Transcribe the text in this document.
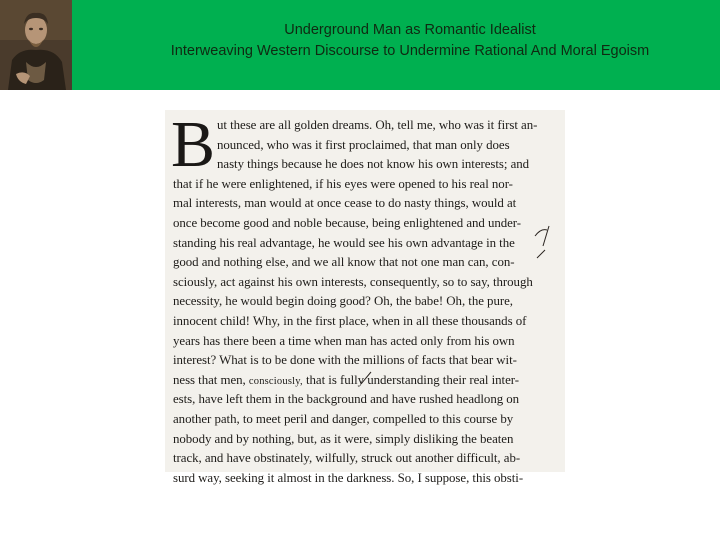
Underground Man as Romantic Idealist
Interweaving Western Discourse to Undermine Rational And Moral Egoism
B ut these are all golden dreams. Oh, tell me, who was it first an-
nounced, who was it first proclaimed, that man only does
nasty things because he does not know his own interests; and
that if he were enlightened, if his eyes were opened to his real nor-
mal interests, man would at once cease to do nasty things, would at
once become good and noble because, being enlightened and under-
standing his real advantage, he would see his own advantage in the
good and nothing else, and we all know that not one man can, con-
sciously, act against his own interests, consequently, so to say, through
necessity, he would begin doing good? Oh, the babe! Oh, the pure,
innocent child! Why, in the first place, when in all these thousands of
years has there been a time when man has acted only from his own
interest? What is to be done with the millions of facts that bear wit-
ness that men, consciously, that is fully understanding their real inter-
ests, have left them in the background and have rushed headlong on
another path, to meet peril and danger, compelled to this course by
nobody and by nothing, but, as it were, simply disliking the beaten
track, and have obstinately, wilfully, struck out another difficult, ab-
surd way, seeking it almost in the darkness. So, I suppose, this obsti-
